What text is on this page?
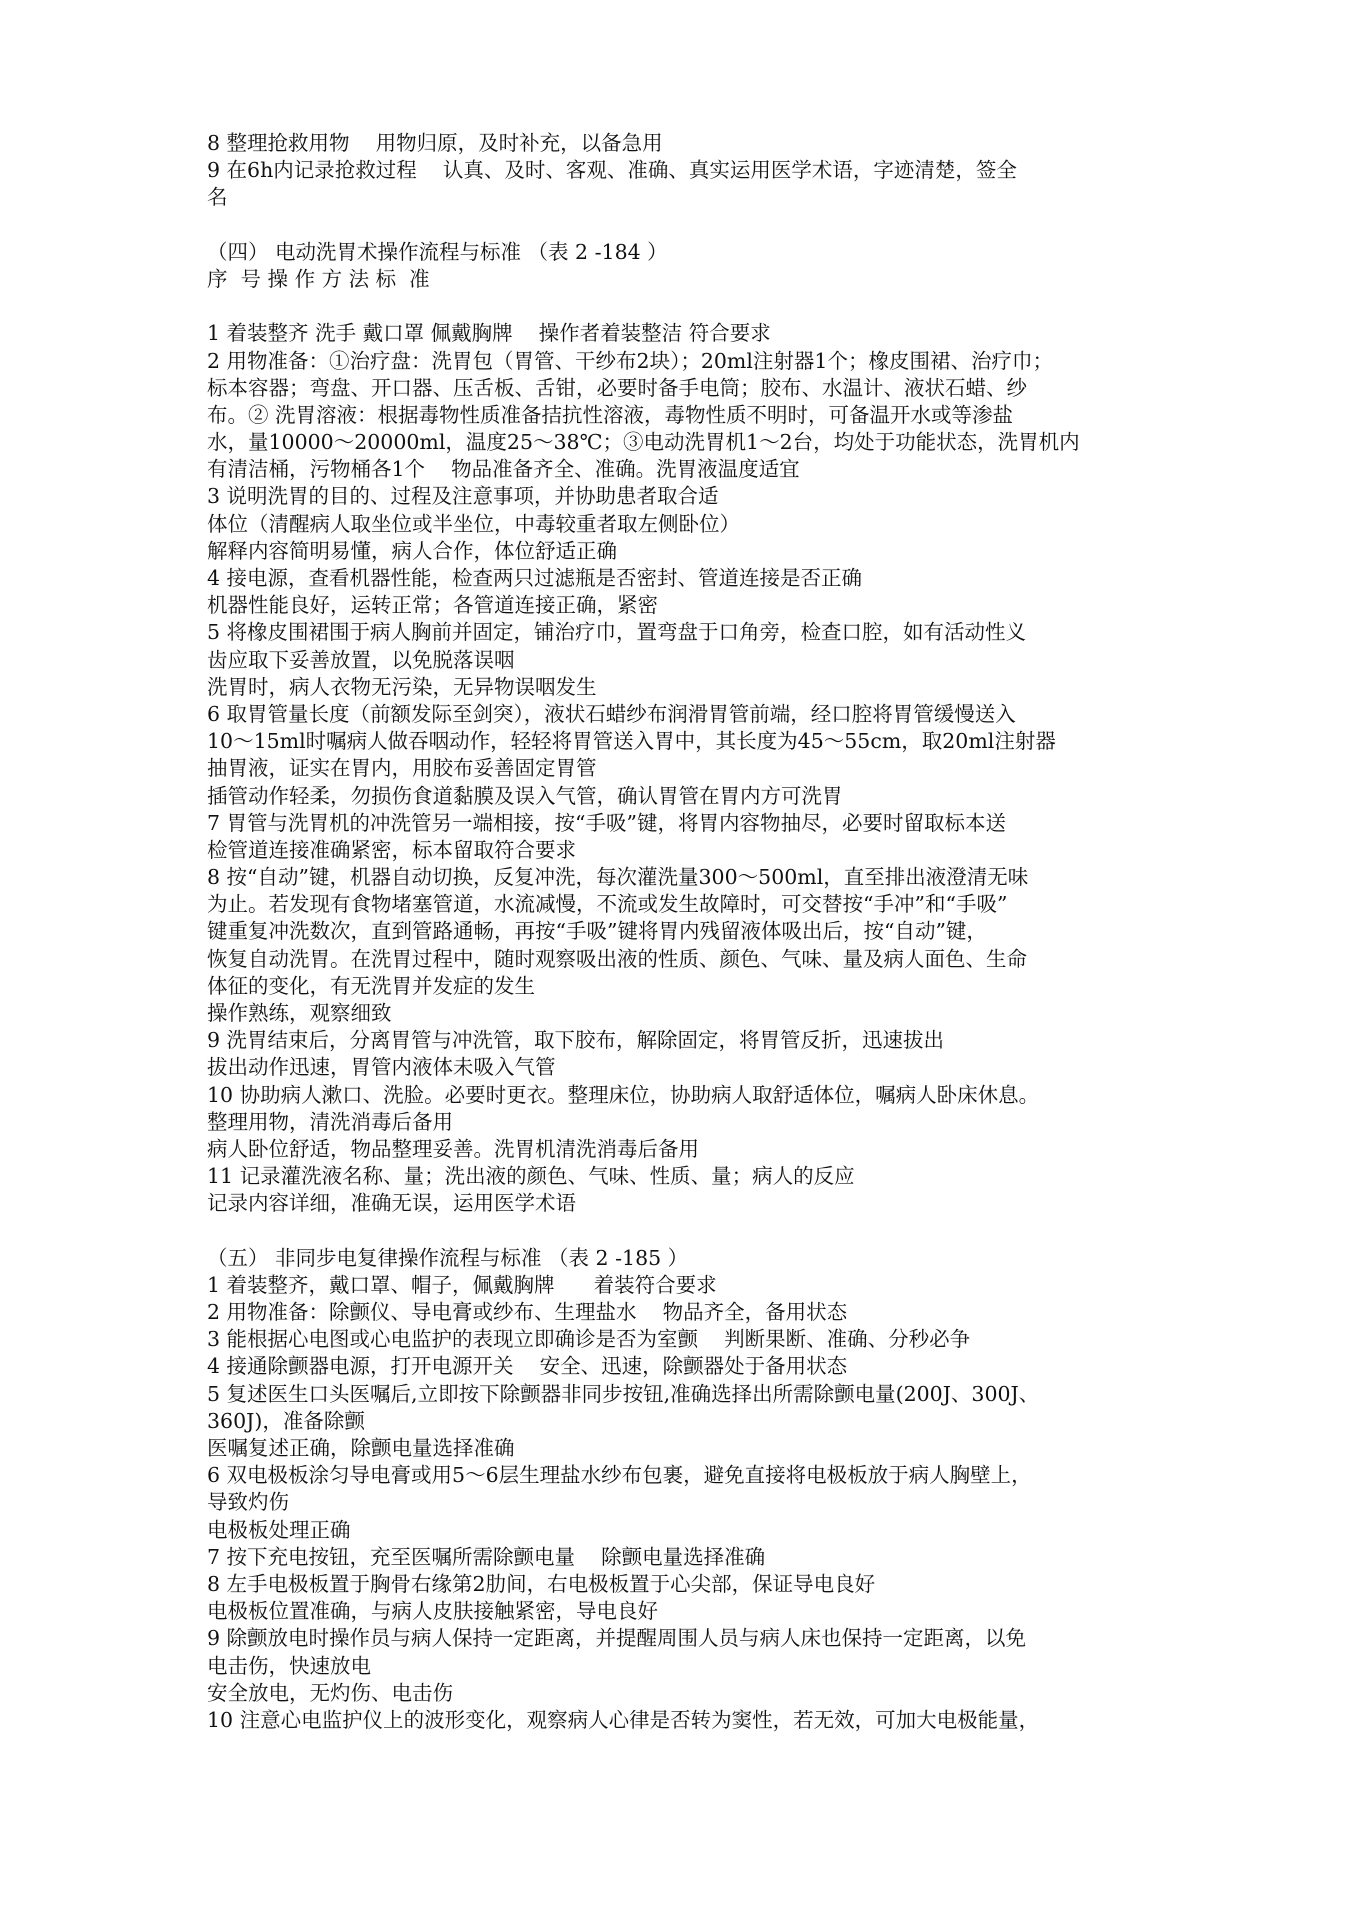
8 整理抢救用物    用物归原，及时补充，以备急用
9 在6h内记录抢救过程    认真、及时、客观、准确、真实运用医学术语，字迹清楚，签全
名
（四） 电动洗胃术操作流程与标准 （表 2 -184 ）
序  号 操 作 方 法 标  准
1 着装整齐 洗手 戴口罩 佩戴胸牌    操作者着装整洁 符合要求
2 用物准备：①治疗盘：洗胃包（胃管、干纱布2块）；20ml注射器1个；橡皮围裙、治疗巾；
标本容器；弯盘、开口器、压舌板、舌钳，必要时备手电筒；胶布、水温计、液状石蜡、纱
布。② 洗胃溶液：根据毒物性质准备拮抗性溶液，毒物性质不明时，可备温开水或等渗盐
水，量10000～20000ml，温度25～38℃；③电动洗胃机1～2台，均处于功能状态，洗胃机内
有清洁桶，污物桶各1个    物品准备齐全、准确。洗胃液温度适宜
3 说明洗胃的目的、过程及注意事项，并协助患者取合适
体位（清醒病人取坐位或半坐位，中毒较重者取左侧卧位）
解释内容简明易懂，病人合作，体位舒适正确
4 接电源，查看机器性能，检查两只过滤瓶是否密封、管道连接是否正确
机器性能良好，运转正常；各管道连接正确，紧密
5 将橡皮围裙围于病人胸前并固定，铺治疗巾，置弯盘于口角旁，检查口腔，如有活动性义
齿应取下妥善放置，以免脱落误咽
洗胃时，病人衣物无污染，无异物误咽发生
6 取胃管量长度（前额发际至剑突），液状石蜡纱布润滑胃管前端，经口腔将胃管缓慢送入
10～15ml时嘱病人做吞咽动作，轻轻将胃管送入胃中，其长度为45～55cm，取20ml注射器
抽胃液，证实在胃内，用胶布妥善固定胃管
插管动作轻柔，勿损伤食道黏膜及误入气管，确认胃管在胃内方可洗胃
7 胃管与洗胃机的冲洗管另一端相接，按“手吸”键，将胃内容物抽尽，必要时留取标本送
检管道连接准确紧密，标本留取符合要求
8 按“自动”键，机器自动切换，反复冲洗，每次灌洗量300～500ml，直至排出液澄清无味
为止。若发现有食物堵塞管道，水流减慢，不流或发生故障时，可交替按“手冲”和“手吸”
键重复冲洗数次，直到管路通畅，再按“手吸”键将胃内残留液体吸出后，按“自动”键，
恢复自动洗胃。在洗胃过程中，随时观察吸出液的性质、颜色、气味、量及病人面色、生命
体征的变化，有无洗胃并发症的发生
操作熟练，观察细致
9 洗胃结束后，分离胃管与冲洗管，取下胶布，解除固定，将胃管反折，迅速拔出
拔出动作迅速，胃管内液体未吸入气管
10 协助病人漱口、洗脸。必要时更衣。整理床位，协助病人取舒适体位，嘱病人卧床休息。
整理用物，清洗消毒后备用
病人卧位舒适，物品整理妥善。洗胃机清洗消毒后备用
11 记录灌洗液名称、量；洗出液的颜色、气味、性质、量；病人的反应
记录内容详细，准确无误，运用医学术语
（五） 非同步电复律操作流程与标准 （表 2 -185 ）
1 着装整齐，戴口罩、帽子，佩戴胸牌      着装符合要求
2 用物准备：除颤仪、导电膏或纱布、生理盐水    物品齐全，备用状态
3 能根据心电图或心电监护的表现立即确诊是否为室颤    判断果断、准确、分秒必争
4 接通除颤器电源，打开电源开关    安全、迅速，除颤器处于备用状态
5 复述医生口头医嘱后,立即按下除颤器非同步按钮,准确选择出所需除颤电量(200J、300J、
360J)，准备除颤
医嘱复述正确，除颤电量选择准确
6 双电极板涂匀导电膏或用5～6层生理盐水纱布包裹，避免直接将电极板放于病人胸壁上，
导致灼伤
电极板处理正确
7 按下充电按钮，充至医嘱所需除颤电量    除颤电量选择准确
8 左手电极板置于胸骨右缘第2肋间，右电极板置于心尖部，保证导电良好
电极板位置准确，与病人皮肤接触紧密，导电良好
9 除颤放电时操作员与病人保持一定距离，并提醒周围人员与病人床也保持一定距离，以免
电击伤，快速放电
安全放电，无灼伤、电击伤
10 注意心电监护仪上的波形变化，观察病人心律是否转为窦性，若无效，可加大电极能量，
